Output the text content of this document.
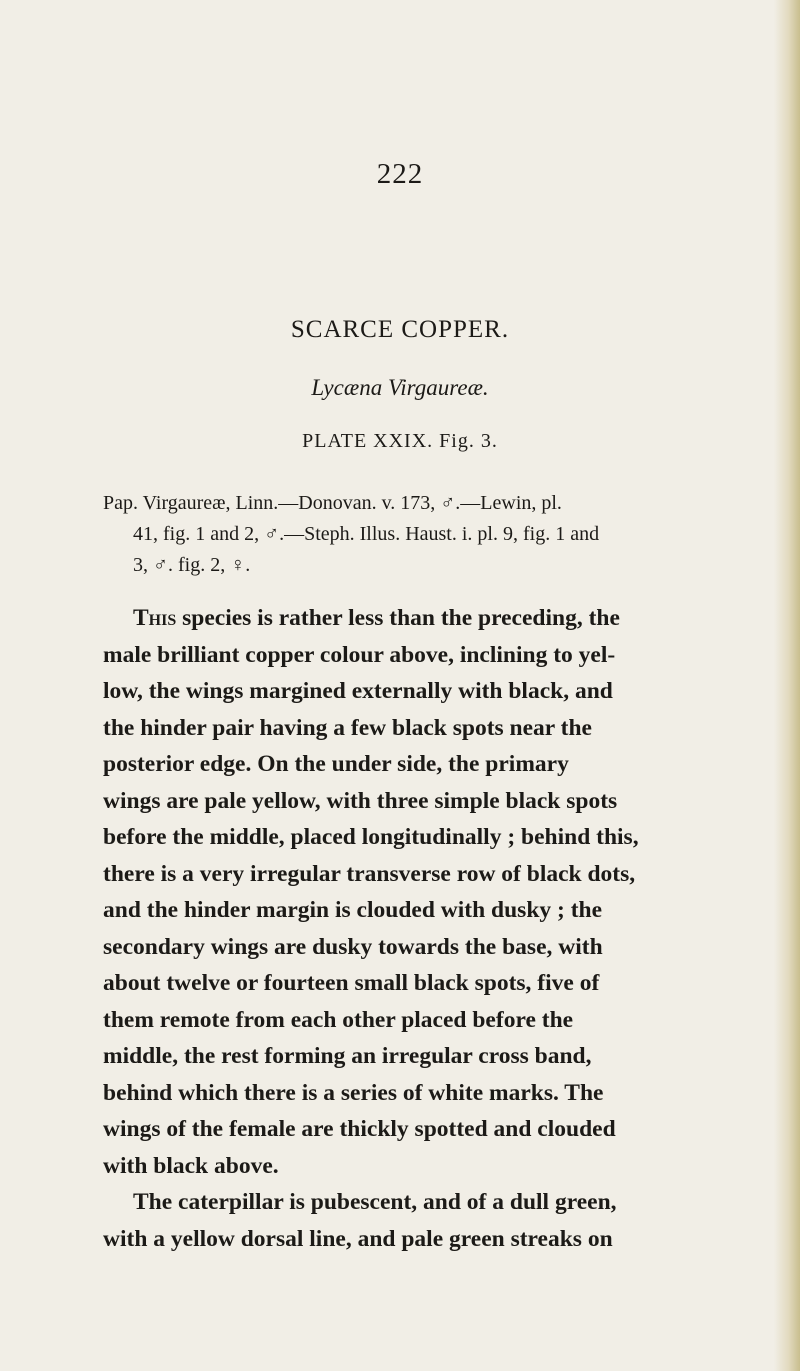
222
SCARCE COPPER.
Lycæna Virgaureæ.
PLATE XXIX. Fig. 3.

Pap. Virgaureæ, Linn.—Donovan. v. 173, ♂.—Lewin, pl.

41, fig. 1 and 2, ♂.—Steph. Illus. Haust. i. pl. 9, fig. 1 and

3, ♂. fig. 2, ♀.

This species is rather less than the preceding, the

male brilliant copper colour above, inclining to yel-

low, the wings margined externally with black, and

the hinder pair having a few black spots near the

posterior edge. On the under side, the primary

wings are pale yellow, with three simple black spots

before the middle, placed longitudinally ; behind this,

there is a very irregular transverse row of black dots,

and the hinder margin is clouded with dusky ; the

secondary wings are dusky towards the base, with

about twelve or fourteen small black spots, five of

them remote from each other placed before the

middle, the rest forming an irregular cross band,

behind which there is a series of white marks. The

wings of the female are thickly spotted and clouded

with black above.

The caterpillar is pubescent, and of a dull green,

with a yellow dorsal line, and pale green streaks on
